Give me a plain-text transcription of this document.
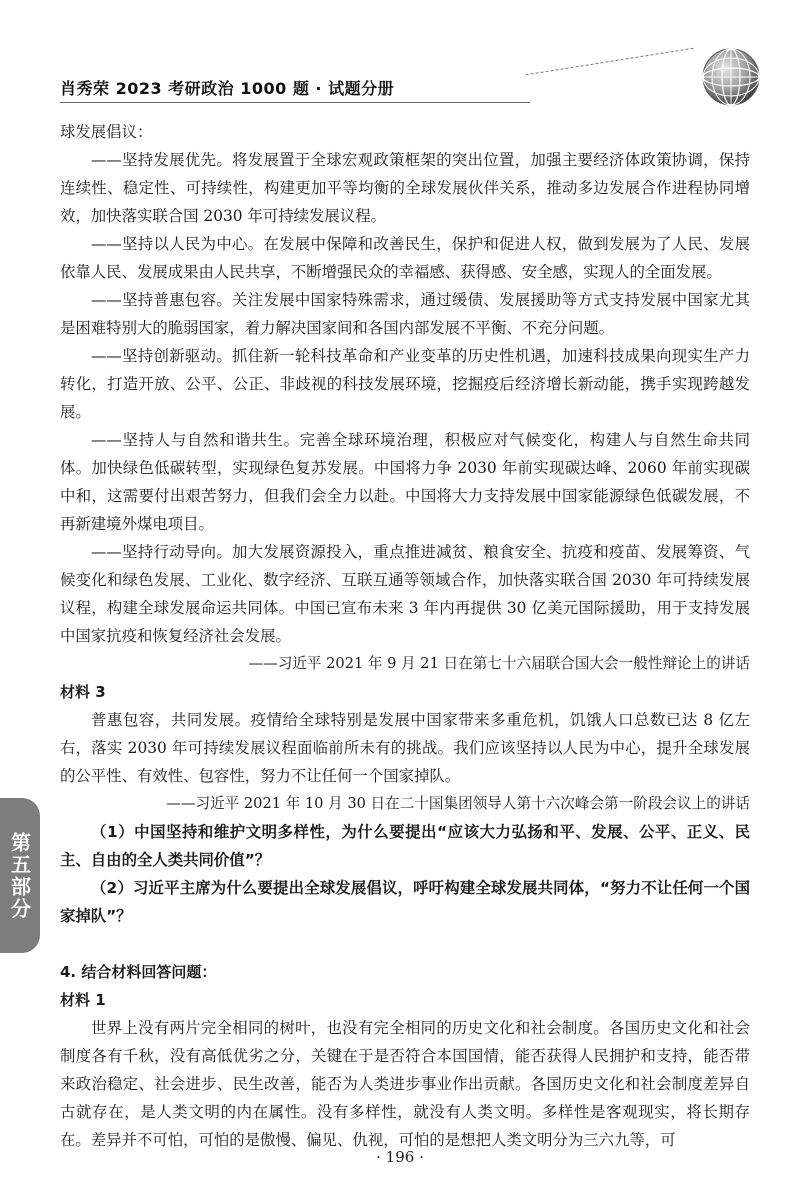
肖秀荣 2023 考研政治 1000 题 · 试题分册

球发展倡议：

——坚持发展优先。将发展置于全球宏观政策框架的突出位置，加强主要经济体政策协调，保持连续性、稳定性、可持续性，构建更加平等均衡的全球发展伙伴关系，推动多边发展合作进程协同增效，加快落实联合国 2030 年可持续发展议程。

——坚持以人民为中心。在发展中保障和改善民生，保护和促进人权，做到发展为了人民、发展依靠人民、发展成果由人民共享，不断增强民众的幸福感、获得感、安全感，实现人的全面发展。

——坚持普惠包容。关注发展中国家特殊需求，通过缓债、发展援助等方式支持发展中国家尤其是困难特别大的脆弱国家，着力解决国家间和各国内部发展不平衡、不充分问题。

——坚持创新驱动。抓住新一轮科技革命和产业变革的历史性机遇，加速科技成果向现实生产力转化，打造开放、公平、公正、非歧视的科技发展环境，挖掘疫后经济增长新动能，携手实现跨越发展。

——坚持人与自然和谐共生。完善全球环境治理，积极应对气候变化，构建人与自然生命共同体。加快绿色低碳转型，实现绿色复苏发展。中国将力争 2030 年前实现碳达峰、2060 年前实现碳中和，这需要付出艰苦努力，但我们会全力以赴。中国将大力支持发展中国家能源绿色低碳发展，不再新建境外煤电项目。

——坚持行动导向。加大发展资源投入，重点推进减贫、粮食安全、抗疫和疫苗、发展筹资、气候变化和绿色发展、工业化、数字经济、互联互通等领域合作，加快落实联合国 2030 年可持续发展议程，构建全球发展命运共同体。中国已宣布未来 3 年内再提供 30 亿美元国际援助，用于支持发展中国家抗疫和恢复经济社会发展。

——习近平 2021 年 9 月 21 日在第七十六届联合国大会一般性辩论上的讲话

材料 3

普惠包容，共同发展。疫情给全球特别是发展中国家带来多重危机，饥饿人口总数已达 8 亿左右，落实 2030 年可持续发展议程面临前所未有的挑战。我们应该坚持以人民为中心，提升全球发展的公平性、有效性、包容性，努力不让任何一个国家掉队。

——习近平 2021 年 10 月 30 日在二十国集团领导人第十六次峰会第一阶段会议上的讲话

（1）中国坚持和维护文明多样性，为什么要提出“应该大力弘扬和平、发展、公平、正义、民主、自由的全人类共同价值”？

（2）习近平主席为什么要提出全球发展倡议，呼吁构建全球发展共同体，“努力不让任何一个国家掉队”？

第五部分

4. 结合材料回答问题：

材料 1

世界上没有两片完全相同的树叶，也没有完全相同的历史文化和社会制度。各国历史文化和社会制度各有千秋，没有高低优劣之分，关键在于是否符合本国国情，能否获得人民拥护和支持，能否带来政治稳定、社会进步、民生改善，能否为人类进步事业作出贡献。各国历史文化和社会制度差异自古就存在，是人类文明的内在属性。没有多样性，就没有人类文明。多样性是客观现实，将长期存在。差异并不可怕，可怕的是傲慢、偏见、仇视，可怕的是想把人类文明分为三六九等，可

· 196 ·
